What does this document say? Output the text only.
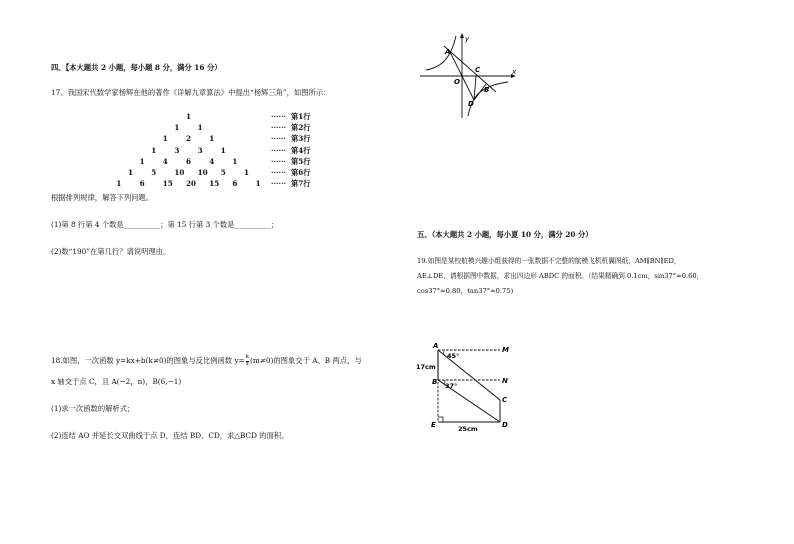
四、【本大题共 2 小题，每小题 8 分，满分 16 分）
17、我国宋代数学家杨辉在他的著作《详解九章算法》中提出“杨辉三角”，如图所示：
1	······ 第1行
1	1	······ 第2行
1	2	1	······ 第3行
1	3	3	1	······ 第4行
1	4	6	4	1	······ 第5行
1	5	10 10 5	1	······ 第6行
1	6	15 20 15 6	1 ······ 第7行
根据排列规律，解答下列问题。
(1)第 8 行第 4 个数是__________；第 15 行第 3 个数是__________；
(2)数“190”在第几行？请说明理由。
18.如图，一次函数 y=kx+b(k≠0)的图象与反比例函数 $y= \frac{k}{x} (m\ne 0)$的图象交于 A、B 两点，与
x 轴交于点 C，且 A(−2，n)，B(6,−1)
(1)求一次函数的解析式；
(2)连结 AO 并延长交双曲线于点 D，连结 BD、CD，求△BCD 的面积。
y
x
A
O
C
B
D
五、（本大题共 2 小题，每小夏 10 分，满分 20 分）
19.如图是某校航模兴趣小组获得的一张数据不完整的航模飞机机翼图纸，AM∥BN∥ED，
AE⊥DE，请根据图中数据，求出四边形 ABDC 的面积。（结果精确到 0.1cm，sin37°≈0.60，
cos37°≈0.80，tan37°≈0.75)
A	M
B	N
C
E	D
45°
37°
17cm
25cm
